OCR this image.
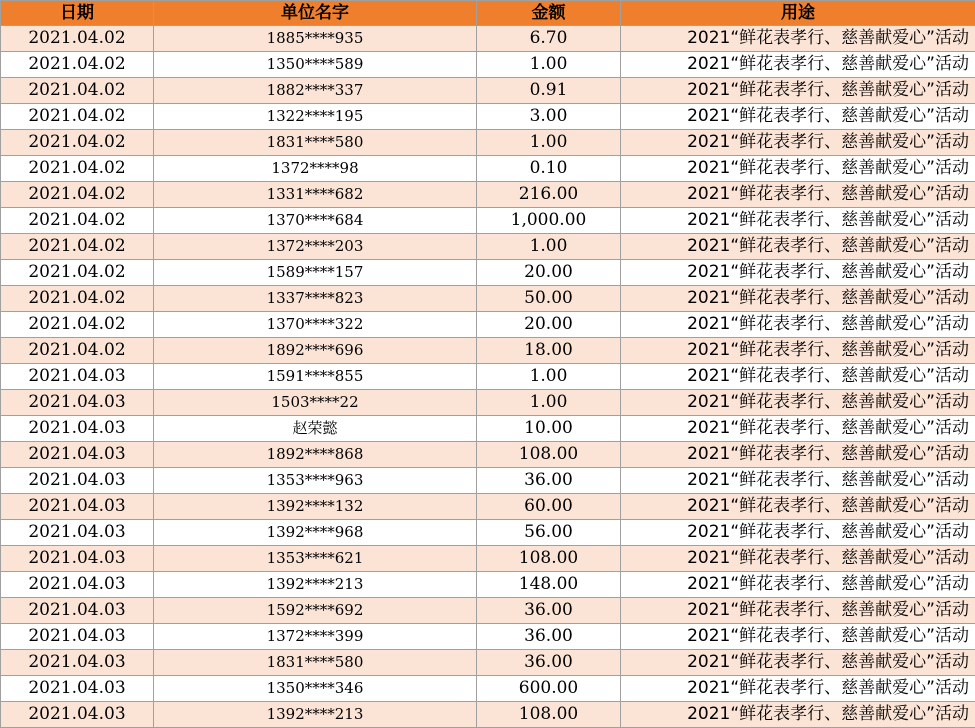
日期	单位名字	金额	用途
2021.04.02	1885****935	6.70	2021“鲜花表孝行、慈善献爱心”活动
2021.04.02	1350****589	1.00	2021“鲜花表孝行、慈善献爱心”活动
2021.04.02	1882****337	0.91	2021“鲜花表孝行、慈善献爱心”活动
2021.04.02	1322****195	3.00	2021“鲜花表孝行、慈善献爱心”活动
2021.04.02	1831****580	1.00	2021“鲜花表孝行、慈善献爱心”活动
2021.04.02	1372****98	0.10	2021“鲜花表孝行、慈善献爱心”活动
2021.04.02	1331****682	216.00	2021“鲜花表孝行、慈善献爱心”活动
2021.04.02	1370****684	1,000.00	2021“鲜花表孝行、慈善献爱心”活动
2021.04.02	1372****203	1.00	2021“鲜花表孝行、慈善献爱心”活动
2021.04.02	1589****157	20.00	2021“鲜花表孝行、慈善献爱心”活动
2021.04.02	1337****823	50.00	2021“鲜花表孝行、慈善献爱心”活动
2021.04.02	1370****322	20.00	2021“鲜花表孝行、慈善献爱心”活动
2021.04.02	1892****696	18.00	2021“鲜花表孝行、慈善献爱心”活动
2021.04.03	1591****855	1.00	2021“鲜花表孝行、慈善献爱心”活动
2021.04.03	1503****22	1.00	2021“鲜花表孝行、慈善献爱心”活动
2021.04.03	赵荣懿	10.00	2021“鲜花表孝行、慈善献爱心”活动
2021.04.03	1892****868	108.00	2021“鲜花表孝行、慈善献爱心”活动
2021.04.03	1353****963	36.00	2021“鲜花表孝行、慈善献爱心”活动
2021.04.03	1392****132	60.00	2021“鲜花表孝行、慈善献爱心”活动
2021.04.03	1392****968	56.00	2021“鲜花表孝行、慈善献爱心”活动
2021.04.03	1353****621	108.00	2021“鲜花表孝行、慈善献爱心”活动
2021.04.03	1392****213	148.00	2021“鲜花表孝行、慈善献爱心”活动
2021.04.03	1592****692	36.00	2021“鲜花表孝行、慈善献爱心”活动
2021.04.03	1372****399	36.00	2021“鲜花表孝行、慈善献爱心”活动
2021.04.03	1831****580	36.00	2021“鲜花表孝行、慈善献爱心”活动
2021.04.03	1350****346	600.00	2021“鲜花表孝行、慈善献爱心”活动
2021.04.03	1392****213	108.00	2021“鲜花表孝行、慈善献爱心”活动
